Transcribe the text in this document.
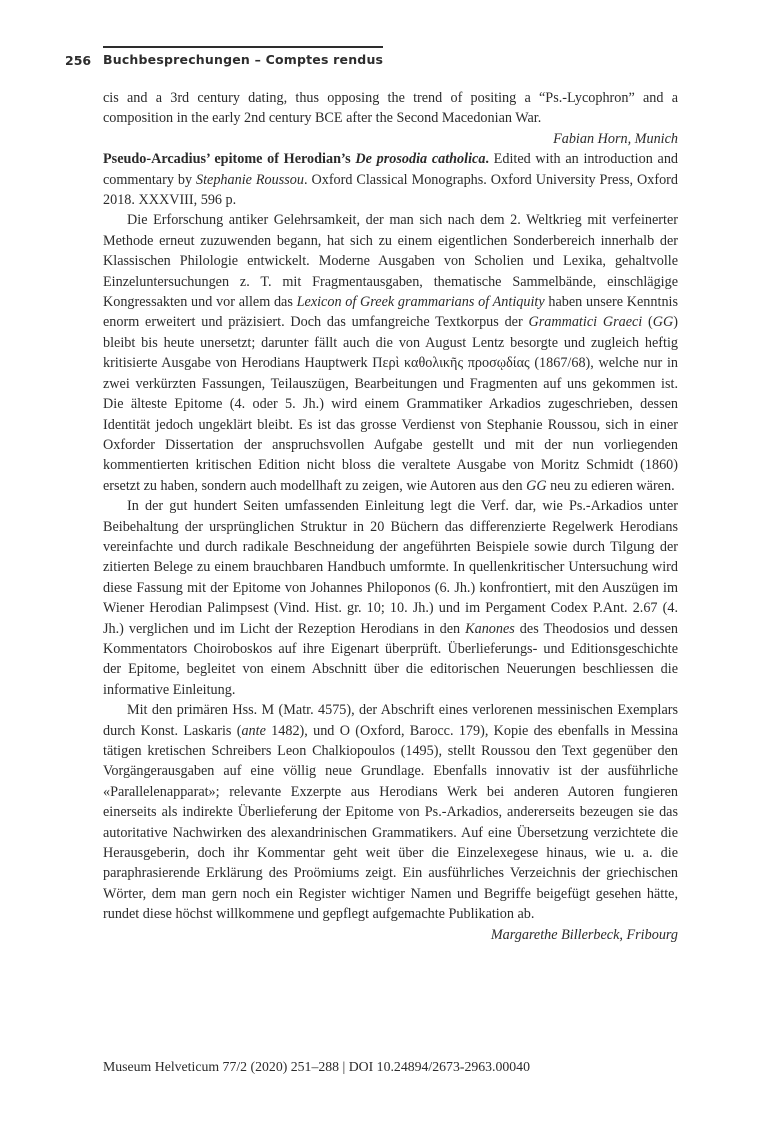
256 Buchbesprechungen – Comptes rendus

cis and a 3rd century dating, thus opposing the trend of positing a “Ps.-Lycophron” and a composition in the early 2nd century BCE after the Second Macedonian War.

Fabian Horn, Munich

Pseudo-Arcadius’ epitome of Herodian’s De prosodia catholica. Edited with an introduction and commentary by Stephanie Roussou. Oxford Classical Monographs. Oxford University Press, Oxford 2018. XXXVIII, 596 p.

Die Erforschung antiker Gelehrsamkeit, der man sich nach dem 2. Weltkrieg mit verfeinerter Methode erneut zuzuwenden begann, hat sich zu einem eigentlichen Sonderbereich innerhalb der Klassischen Philologie entwickelt. Moderne Ausgaben von Scholien und Lexika, gehaltvolle Einzeluntersuchungen z. T. mit Fragmentausgaben, thematische Sammelbände, einschlägige Kongressakten und vor allem das Lexicon of Greek grammarians of Antiquity haben unsere Kenntnis enorm erweitert und präzisiert. Doch das umfangreiche Textkorpus der Grammatici Graeci (GG) bleibt bis heute unersetzt; darunter fällt auch die von August Lentz besorgte und zugleich heftig kritisierte Ausgabe von Herodians Hauptwerk Περὶ καθολικῆς προσῳδίας (1867/68), welche nur in zwei verkürzten Fassungen, Teilauszügen, Bearbeitungen und Fragmenten auf uns gekommen ist. Die älteste Epitome (4. oder 5. Jh.) wird einem Grammatiker Arkadios zugeschrieben, dessen Identität jedoch ungeklärt bleibt. Es ist das grosse Verdienst von Stephanie Roussou, sich in einer Oxforder Dissertation der anspruchsvollen Aufgabe gestellt und mit der nun vorliegenden kommentierten kritischen Edition nicht bloss die veraltete Ausgabe von Moritz Schmidt (1860) ersetzt zu haben, sondern auch modellhaft zu zeigen, wie Autoren aus den GG neu zu edieren wären.

In der gut hundert Seiten umfassenden Einleitung legt die Verf. dar, wie Ps.-Arkadios unter Beibehaltung der ursprünglichen Struktur in 20 Büchern das differenzierte Regelwerk Herodians vereinfachte und durch radikale Beschneidung der angeführten Beispiele sowie durch Tilgung der zitierten Belege zu einem brauchbaren Handbuch umformte. In quellenkritischer Untersuchung wird diese Fassung mit der Epitome von Johannes Philoponos (6. Jh.) konfrontiert, mit den Auszügen im Wiener Herodian Palimpsest (Vind. Hist. gr. 10; 10. Jh.) und im Pergament Codex P.Ant. 2.67 (4. Jh.) verglichen und im Licht der Rezeption Herodians in den Kanones des Theodosios und dessen Kommentators Choiroboskos auf ihre Eigenart überprüft. Überlieferungs- und Editionsgeschichte der Epitome, begleitet von einem Abschnitt über die editorischen Neuerungen beschliessen die informative Einleitung.

Mit den primären Hss. M (Matr. 4575), der Abschrift eines verlorenen messinischen Exemplars durch Konst. Laskaris (ante 1482), und O (Oxford, Barocc. 179), Kopie des ebenfalls in Messina tätigen kretischen Schreibers Leon Chalkiopoulos (1495), stellt Roussou den Text gegenüber den Vorgängerausgaben auf eine völlig neue Grundlage. Ebenfalls innovativ ist der ausführliche «Parallelenapparat»; relevante Exzerpte aus Herodians Werk bei anderen Autoren fungieren einerseits als indirekte Überlieferung der Epitome von Ps.-Arkadios, andererseits bezeugen sie das autoritative Nachwirken des alexandrinischen Grammatikers. Auf eine Übersetzung verzichtete die Herausgeberin, doch ihr Kommentar geht weit über die Einzelexegese hinaus, wie u. a. die paraphrasierende Erklärung des Proömiums zeigt. Ein ausführliches Verzeichnis der griechischen Wörter, dem man gern noch ein Register wichtiger Namen und Begriffe beigefügt gesehen hätte, rundet diese höchst willkommene und gepflegt aufgemachte Publikation ab.

Margarethe Billerbeck, Fribourg

Museum Helveticum 77/2 (2020) 251–288 | DOI 10.24894/2673-2963.00040
